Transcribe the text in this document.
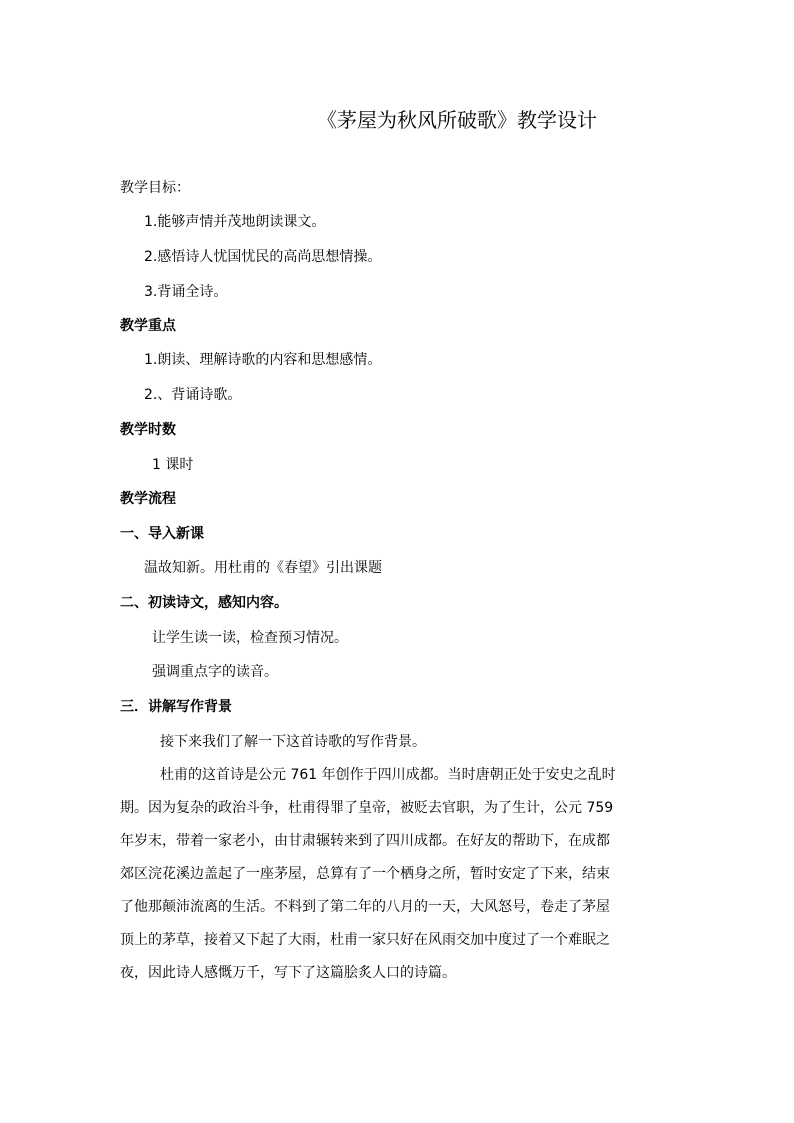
《茅屋为秋风所破歌》教学设计
教学目标：
1.能够声情并茂地朗读课文。
2.感悟诗人忧国忧民的高尚思想情操。
3.背诵全诗。
教学重点
1.朗读、理解诗歌的内容和思想感情。
2.、背诵诗歌。
教学时数
1 课时
教学流程
一、导入新课
温故知新。用杜甫的《春望》引出课题
二、初读诗文，感知内容。
让学生读一读，检查预习情况。
强调重点字的读音。
三．讲解写作背景
接下来我们了解一下这首诗歌的写作背景。
杜甫的这首诗是公元 761 年创作于四川成都。当时唐朝正处于安史之乱时
期。因为复杂的政治斗争，杜甫得罪了皇帝，被贬去官职，为了生计，公元 759
年岁末，带着一家老小，由甘肃辗转来到了四川成都。在好友的帮助下，在成都
郊区浣花溪边盖起了一座茅屋，总算有了一个栖身之所，暂时安定了下来，结束
了他那颠沛流离的生活。不料到了第二年的八月的一天，大风怒号，卷走了茅屋
顶上的茅草，接着又下起了大雨，杜甫一家只好在风雨交加中度过了一个难眠之
夜，因此诗人感慨万千，写下了这篇脍炙人口的诗篇。
